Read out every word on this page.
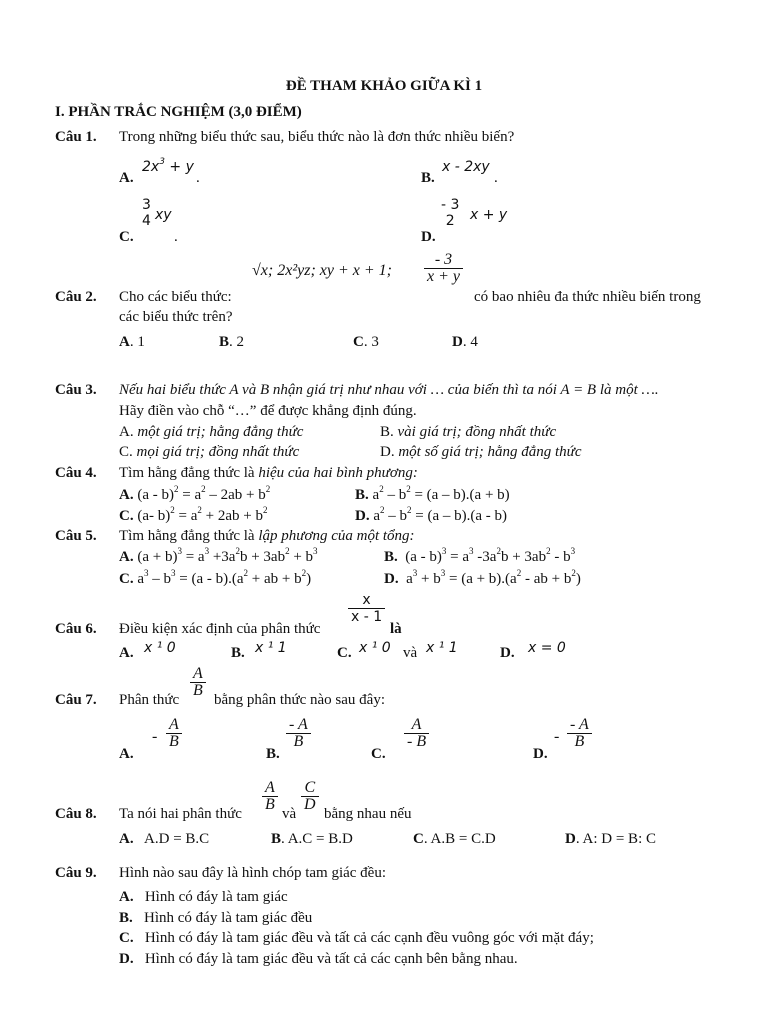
ĐỀ THAM KHẢO GIỮA KÌ 1
I. PHẦN TRẮC NGHIỆM (3,0 ĐIỂM)
Câu 1. Trong những biểu thức sau, biểu thức nào là đơn thức nhiều biến?
A.
$2x^3 + y$
.	B.
x - 2xy
.
C.
3
4 xy
.	D.
- 3
2	x + y
Câu 2. Cho các biểu thức:
√x; 2x²yz; xy + x + 1; $\frac{- 3}{x + y}$
có bao nhiêu đa thức nhiều biến trong
các biểu thức trên?
A. 1	B. 2	C. 3	D. 4
Câu 3. Nếu hai biểu thức A và B nhận giá trị như nhau với … của biến thì ta nói A = B là một ….
Hãy điền vào chỗ “…” để được khẳng định đúng.
A. một giá trị; hằng đẳng thức	B. vài giá trị; đồng nhất thức
C. mọi giá trị; đồng nhất thức	D. một số giá trị; hằng đẳng thức
Câu 4. Tìm hằng đẳng thức là hiệu của hai bình phương:
A. $(a - b)^2 = a^2 - 2ab + b^2$	B. $a^2 - b^2 = (a - b).(a + b)$
C. (a- $b)^2 = a^2 + 2ab + b^2$	D. $a^2 - b^2 = (a - b).(a - b)$
Câu 5. Tìm hằng đẳng thức là lập phương của một tổng:
A. $(a + b)^3 = a^3 +3a^2b + 3ab^2 + b^3$	B.  $(a - b)^3 = a^3$ $-3a^2b + 3ab^2 - b^3$
C. $a^3 - b^3 = (a - b).(a^2$ + ab + $b^2$)	D.  $a^3 + b^3 = (a + b).(a^2$ - ab + $b^2$)
Câu 6. Điều kiện xác định của phân thức
$\frac{x}{x - 1}$
là
A. x ¹ 0	B. x ¹ 1	C. x ¹ 0 và x ¹ 1	D. x = 0
Câu 7. Phân thức
$\frac{A}{B}$
bằng phân thức nào sau đây:
A.
- $\frac{A}{B}$
B.
$\frac{- A}{B}$
C.
$\frac{A}{- B}$
D.
- $\frac{- A}{B}$
Câu 8. Ta nói hai phân thức
$\frac{A}{B}$
và
$\frac{C}{D}$
bằng nhau nếu
A. A.D = B.C	B. A.C = B.D	C. A.B = C.D	D. A: D = B: C
Câu 9. Hình nào sau đây là hình chóp tam giác đều:
A. Hình có đáy là tam giác
B. Hình có đáy là tam giác đều
C. Hình có đáy là tam giác đều và tất cả các cạnh đều vuông góc với mặt đáy;
D. Hình có đáy là tam giác đều và tất cả các cạnh bên bằng nhau.
